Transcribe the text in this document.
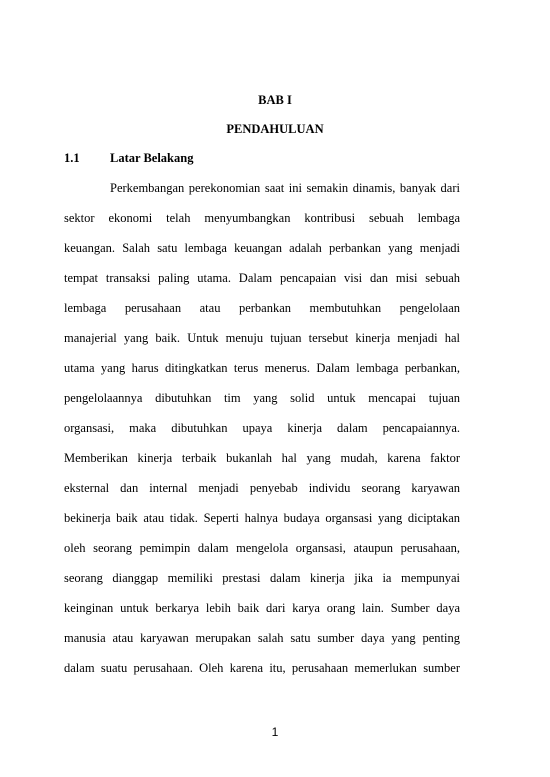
BAB I
PENDAHULUAN
1.1 Latar Belakang
Perkembangan perekonomian saat ini semakin dinamis, banyak dari
sektor ekonomi telah menyumbangkan kontribusi sebuah lembaga
keuangan. Salah satu lembaga keuangan adalah perbankan yang menjadi
tempat transaksi paling utama. Dalam pencapaian visi dan misi sebuah
lembaga perusahaan atau perbankan membutuhkan pengelolaan
manajerial yang baik. Untuk menuju tujuan tersebut kinerja menjadi hal
utama yang harus ditingkatkan terus menerus. Dalam lembaga perbankan,
pengelolaannya dibutuhkan tim yang solid untuk mencapai tujuan
organsasi, maka dibutuhkan upaya kinerja dalam pencapaiannya.
Memberikan kinerja terbaik bukanlah hal yang mudah, karena faktor
eksternal dan internal menjadi penyebab individu seorang karyawan
bekinerja baik atau tidak. Seperti halnya budaya organsasi yang diciptakan
oleh seorang pemimpin dalam mengelola organsasi, ataupun perusahaan,
seorang dianggap memiliki prestasi dalam kinerja jika ia mempunyai
keinginan untuk berkarya lebih baik dari karya orang lain. Sumber daya
manusia atau karyawan merupakan salah satu sumber daya yang penting
dalam suatu perusahaan. Oleh karena itu, perusahaan memerlukan sumber
1
